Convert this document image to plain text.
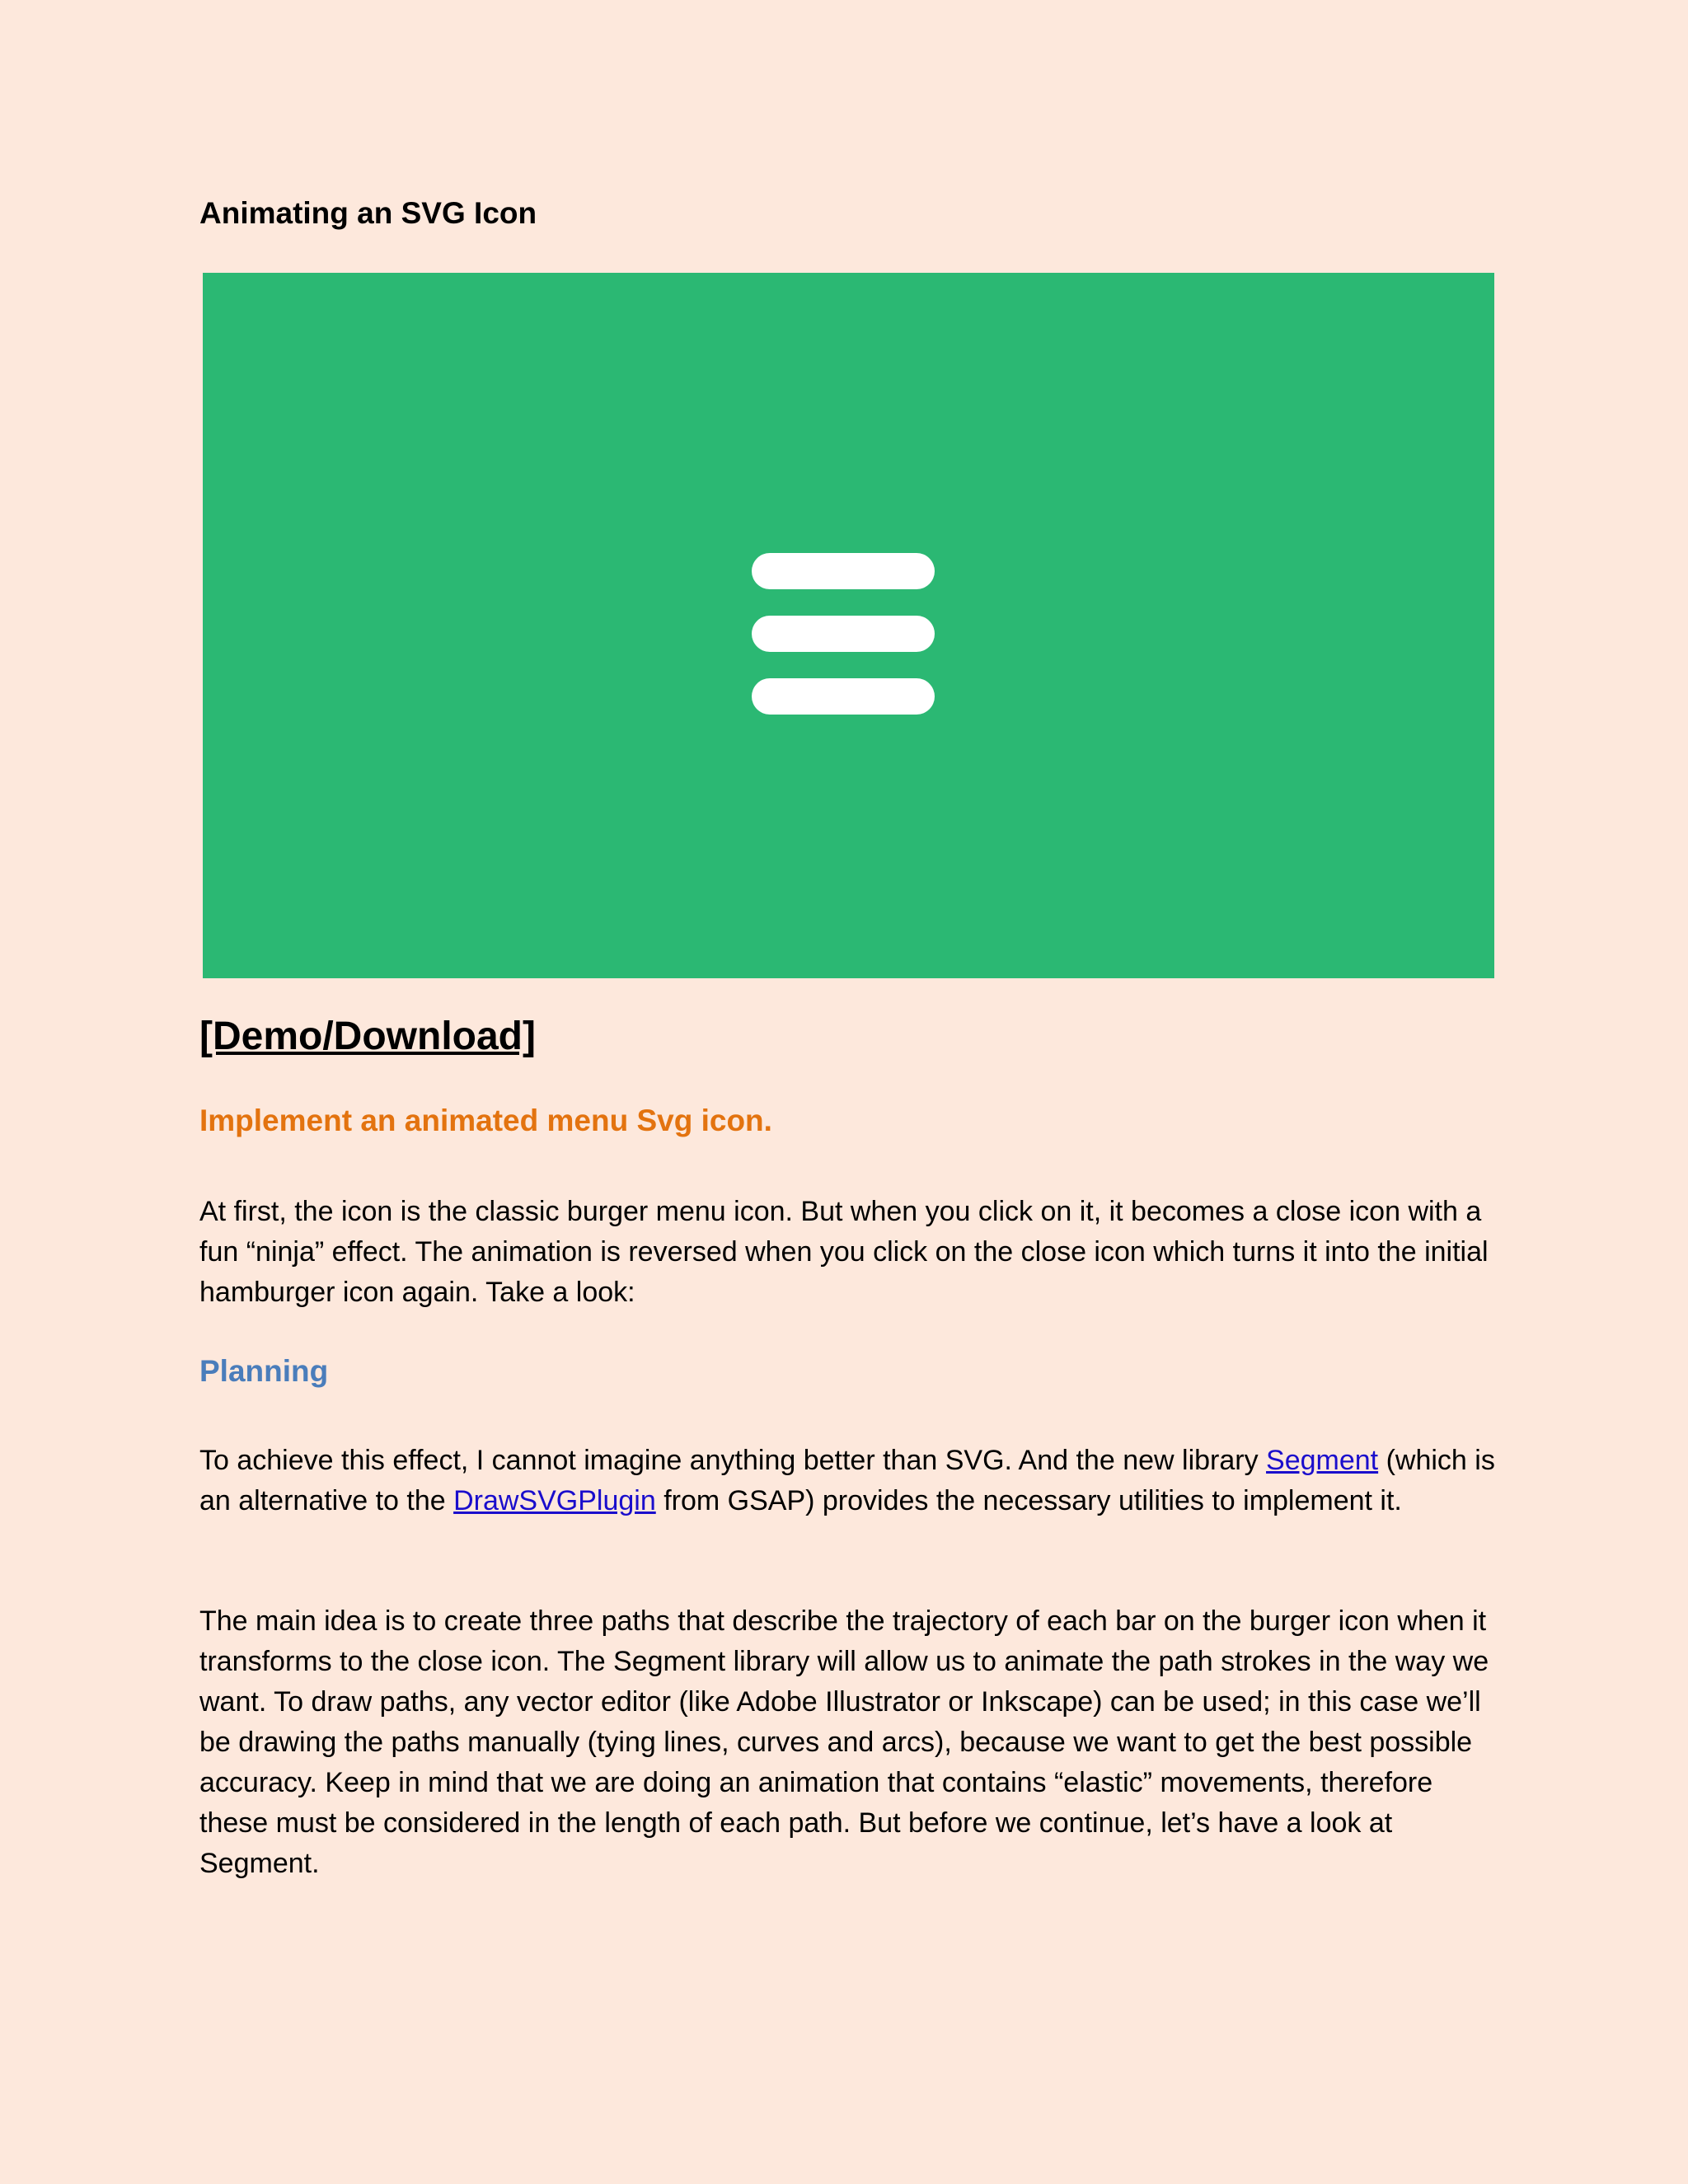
Animating an SVG Icon
[Demo/Download]
Implement an animated menu Svg icon.

At first, the icon is the classic burger menu icon. But when you click on it, it becomes a close icon with a fun “ninja” effect. The animation is reversed when you click on the close icon which turns it into the initial hamburger icon again. Take a look:

Planning

To achieve this effect, I cannot imagine anything better than SVG. And the new library Segment (which is an alternative to the DrawSVGPlugin from GSAP) provides the necessary utilities to implement it.

The main idea is to create three paths that describe the trajectory of each bar on the burger icon when it transforms to the close icon. The Segment library will allow us to animate the path strokes in the way we want. To draw paths, any vector editor (like Adobe Illustrator or Inkscape) can be used; in this case we’ll be drawing the paths manually (tying lines, curves and arcs), because we want to get the best possible accuracy. Keep in mind that we are doing an animation that contains “elastic” movements, therefore these must be considered in the length of each path. But before we continue, let’s have a look at Segment.
